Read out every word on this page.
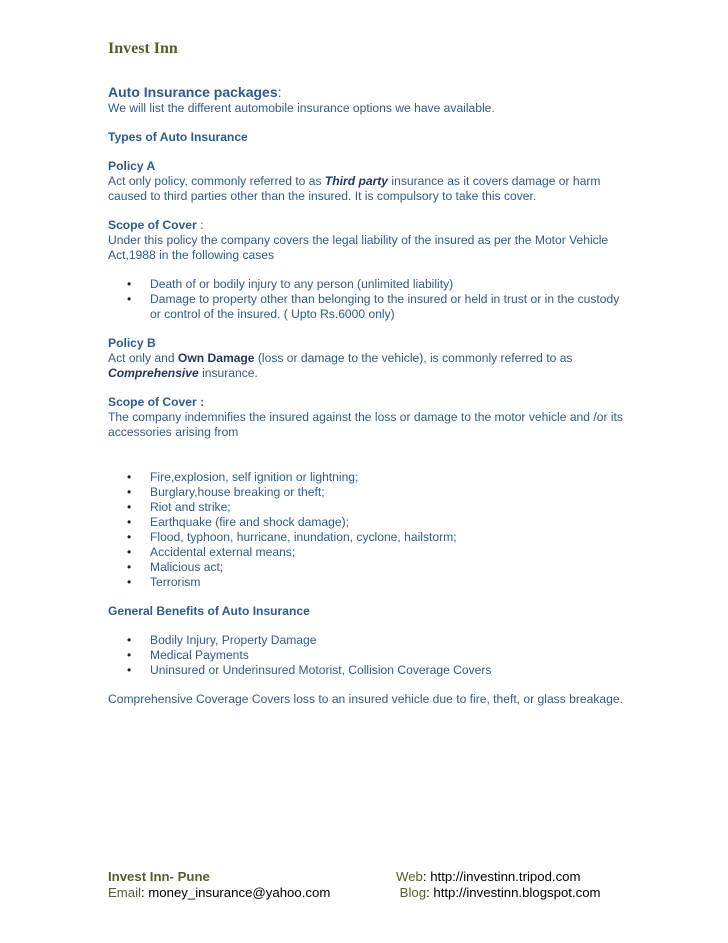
Invest Inn

Auto Insurance packages:

We will list the different automobile insurance options we have available.

Types of Auto Insurance

Policy A

Act only policy, commonly referred to as Third party insurance as it covers damage or harm

caused to third parties other than the insured. It is compulsory to take this cover.

Scope of Cover :

Under this policy the company covers the legal liability of the insured as per the Motor Vehicle

Act,1988 in the following cases

• Death of or bodily injury to any person (unlimited liability)
• Damage to property other than belonging to the insured or held in trust or in the custody
or control of the insured. ( Upto Rs.6000 only)

Policy B

Act only and Own Damage (loss or damage to the vehicle), is commonly referred to as

Comprehensive insurance.

Scope of Cover :

The company indemnifies the insured against the loss or damage to the motor vehicle and /or its

accessories arising from

• Fire,explosion, self ignition or lightning;
• Burglary,house breaking or theft;
• Riot and strike;
• Earthquake (fire and shock damage);
• Flood, typhoon, hurricane, inundation, cyclone, hailstorm;
• Accidental external means;
• Malicious act;
• Terrorism

General Benefits of Auto Insurance

• Bodily Injury, Property Damage
• Medical Payments
• Uninsured or Underinsured Motorist, Collision Coverage Covers

Comprehensive Coverage Covers loss to an insured vehicle due to fire, theft, or glass breakage.

Invest Inn- Pune	Web: http://investinn.tripod.com
Email: money_insurance@yahoo.com	Blog: http://investinn.blogspot.com
